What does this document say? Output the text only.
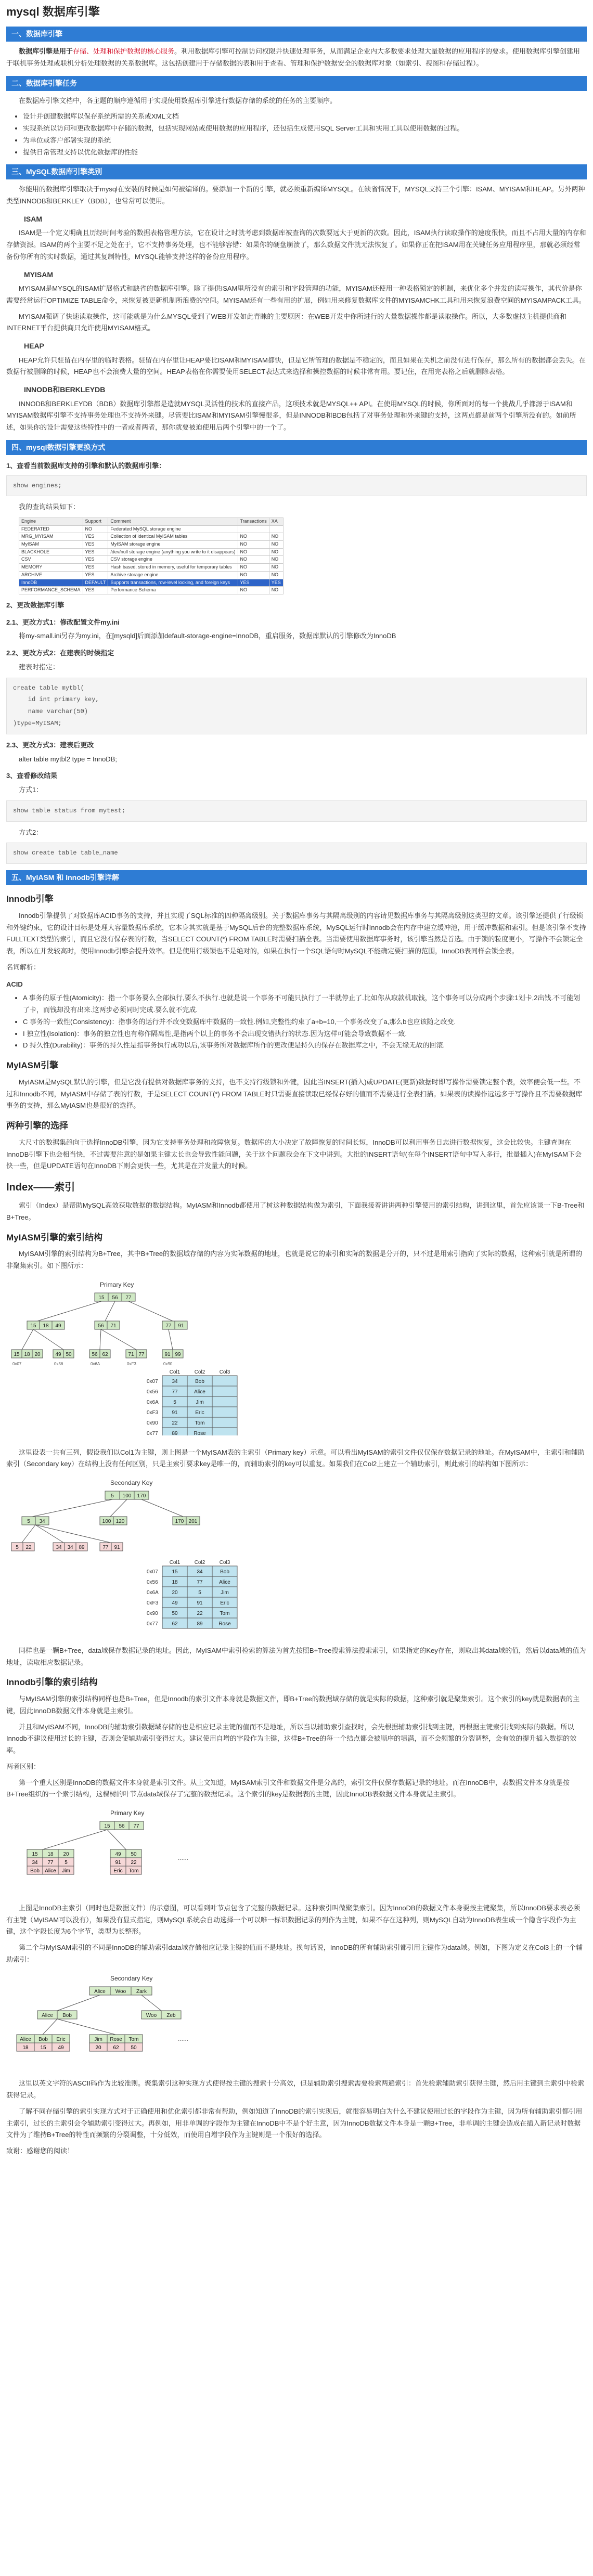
mysql 数据库引擎
一、数据库引擎

数据库引擎是用于存储、处理和保护数据的核心服务。利用数据库引擎可控制访问权限并快速处理事务，从而满足企业内大多数要求处理大量数据的应用程序的要求。使用数据库引擎创建用于联机事务处理或联机分析处理数据的关系数据库。这包括创建用于存储数据的表和用于查看、管理和保护数据安全的数据库对象（如索引、视图和存储过程）。

二、数据库引擎任务

在数据库引擎文档中，各主题的顺序遵循用于实现使用数据库引擎进行数据存储的系统的任务的主要顺序。

• 设计并创建数据库以保存系统所需的关系或XML文档
• 实现系统以访问和更改数据库中存储的数据，包括实现网站或使用数据的应用程序，还包括生成使用SQL Server工具和实用工具以使用数据的过程。
• 为单位或客户部署实现的系统
• 提供日常管理支持以优化数据库的性能
三、MySQL数据库引擎类别

你能用的数据库引擎取决于mysql在安装的时候是如何被编译的。要添加一个新的引擎，就必须重新编译MYSQL。在缺省情况下，MYSQL支持三个引擎：ISAM、MYISAM和HEAP。另外两种类型INNODB和BERKLEY（BDB），也常常可以使用。

ISAM

ISAM是一个定义明确且历经时间考验的数据表格管理方法，它在设计之时就考虑到数据库被查询的次数要远大于更新的次数。因此，ISAM执行读取操作的速度很快，而且不占用大量的内存和存储资源。ISAM的两个主要不足之处在于，它不支持事务处理，也不能够容错：如果你的硬盘崩溃了，那么数据文件就无法恢复了。如果你正在把ISAM用在关键任务应用程序里，那就必须经常备份你所有的实时数据，通过其复制特性，MYSQL能够支持这样的备份应用程序。

MYISAM

MYISAM是MYSQL的ISAM扩展格式和缺省的数据库引擎。除了提供ISAM里所没有的索引和字段管理的功能，MYISAM还使用一种表格锁定的机制，来优化多个并发的读写操作，其代价是你需要经常运行OPTIMIZE TABLE命令，来恢复被更新机制所浪费的空间。MYISAM还有一些有用的扩展，例如用来修复数据库文件的MYISAMCHK工具和用来恢复浪费空间的MYISAMPACK工具。

MYISAM强调了快速读取操作，这可能就是为什么MYSQL受到了WEB开发如此青睐的主要原因：在WEB开发中你所进行的大量数据操作都是读取操作。所以，大多数虚拟主机提供商和INTERNET平台提供商只允许使用MYISAM格式。

HEAP

HEAP允许只驻留在内存里的临时表格。驻留在内存里让HEAP要比ISAM和MYISAM都快，但是它所管理的数据是不稳定的，而且如果在关机之前没有进行保存，那么所有的数据都会丢失。在数据行被删除的时候，HEAP也不会浪费大量的空间。HEAP表格在你需要使用SELECT表达式来选择和操控数据的时候非常有用。要记住，在用完表格之后就删除表格。

INNODB和BERKLEYDB

INNODB和BERKLEYDB（BDB）数据库引擎都是造就MYSQL灵活性的技术的直接产品，这项技术就是MYSQL++ API。在使用MYSQL的时候，你所面对的每一个挑战几乎都源于ISAM和MYISAM数据库引擎不支持事务处理也不支持外来键。尽管要比ISAM和MYISAM引擎慢很多，但是INNODB和BDB包括了对事务处理和外来键的支持，这两点都是前两个引擎所没有的。如前所述，如果你的设计需要这些特性中的一者或者两者，那你就要被迫使用后两个引擎中的一个了。

四、mysql数据引擎更换方式
1、查看当前数据库支持的引擎和默认的数据库引擎：
show engines;

我的查询结果如下：

Engine	Support	Comment	Transactions	XA
FEDERATED	NO	Federated MySQL storage engine		
MRG_MYISAM	YES	Collection of identical MyISAM tables	NO	NO
MyISAM	YES	MyISAM storage engine	NO	NO
BLACKHOLE	YES	/dev/null storage engine (anything you write to it disappears)	NO	NO
CSV	YES	CSV storage engine	NO	NO
MEMORY	YES	Hash based, stored in memory, useful for temporary tables	NO	NO
ARCHIVE	YES	Archive storage engine	NO	NO
InnoDB	DEFAULT	Supports transactions, row-level locking, and foreign keys	YES	YES
PERFORMANCE_SCHEMA	YES	Performance Schema	NO	NO
2、更改数据库引擎
2.1、更改方式1：修改配置文件my.ini

将my-small.ini另存为my.ini，在[mysqld]后面添加default-storage-engine=InnoDB，重启服务，数据库默认的引擎修改为InnoDB

2.2、更改方式2：在建表的时候指定

建表时指定：

create table mytbl(
id int primary key,
name varchar(50)
)type=MyISAM;
2.3、更改方式3：建表后更改

alter table mytbl2 type = InnoDB;

3、查看修改结果

方式1：

show table status from mytest;

方式2：

show create table table_name
五、MyIASM 和 Innodb引擎详解
Innodb引擎

Innodb引擎提供了对数据库ACID事务的支持，并且实现了SQL标准的四种隔离级别。关于数据库事务与其隔离级别的内容请见数据库事务与其隔离级别这类型的文章。该引擎还提供了行级锁和外键约束，它的设计目标是处理大容量数据库系统，它本身其实就是基于MySQL后台的完整数据库系统，MySQL运行时Innodb会在内存中建立缓冲池，用于缓冲数据和索引。但是该引擎不支持FULLTEXT类型的索引，而且它没有保存表的行数，当SELECT COUNT(*) FROM TABLE时需要扫描全表。当需要使用数据库事务时，该引擎当然是首选。由于锁的粒度更小，写操作不会锁定全表，所以在并发较高时，使用Innodb引擎会提升效率。但是使用行级锁也不是绝对的，如果在执行一个SQL语句时MySQL不能确定要扫描的范围，InnoDB表同样会锁全表。

名词解析：

ACID
• A 事务的原子性(Atomicity)：指一个事务要么全部执行,要么不执行.也就是说一个事务不可能只执行了一半就停止了.比如你从取款机取钱，这个事务可以分成两个步骤:1划卡,2出钱.不可能划了卡，而钱却没有出来.这两步必须同时完成.要么就不完成.
• C 事务的一致性(Consistency)：指事务的运行并不改变数据库中数据的一致性.例如,完整性约束了a+b=10,一个事务改变了a,那么b也应该随之改变.
• I 独立性(Isolation)：事务的独立性也有称作隔离性,是指两个以上的事务不会出现交错执行的状态.因为这样可能会导致数据不一致.
• D 持久性(Durability)：事务的持久性是指事务执行成功以后,该事务所对数据库所作的更改便是持久的保存在数据库之中，不会无缘无故的回滚.
MyIASM引擎

MyIASM是MySQL默认的引擎，但是它没有提供对数据库事务的支持，也不支持行级锁和外键，因此当INSERT(插入)或UPDATE(更新)数据时即写操作需要锁定整个表，效率便会低一些。不过和Innodb不同，MyIASM中存储了表的行数，于是SELECT COUNT(*) FROM TABLE时只需要直接读取已经保存好的值而不需要进行全表扫描。如果表的读操作远远多于写操作且不需要数据库事务的支持，那么MyIASM也是很好的选择。

两种引擎的选择

大尺寸的数据集趋向于选择InnoDB引擎，因为它支持事务处理和故障恢复。数据库的大小决定了故障恢复的时间长短，InnoDB可以利用事务日志进行数据恢复，这会比较快。主键查询在InnoDB引擎下也会相当快，不过需要注意的是如果主键太长也会导致性能问题，关于这个问题我会在下文中讲到。大批的INSERT语句(在每个INSERT语句中写入多行，批量插入)在MyISAM下会快一些，但是UPDATE语句在InnoDB下则会更快一些，尤其是在并发量大的时候。

Index——索引

索引（Index）是帮助MySQL高效获取数据的数据结构。MyIASM和Innodb都使用了树这种数据结构做为索引，下面我接着讲讲两种引擎使用的索引结构，讲到这里，首先应该谈一下B-Tree和B+Tree。

MyIASM引擎的索引结构

MyISAM引擎的索引结构为B+Tree，其中B+Tree的数据域存储的内容为实际数据的地址，也就是说它的索引和实际的数据是分开的，只不过是用索引指向了实际的数据，这种索引就是所谓的非聚集索引。如下图所示：

Primary Key
15 56 77
15 18 49	56 71	77 91
15 18 20
0x07
49 50
0x56
56 62
0x6A
71 77
0xF3
91 99
0x90
Col1	Col2	Col3
0x07	34	Bob
0x56	77	Alice
0x6A	5	Jim
0xF3	91	Eric
0x90	22	Tom
0x77	89	Rose

这里设表一共有三列，假设我们以Col1为主键，则上图是一个MyISAM表的主索引（Primary key）示意。可以看出MyISAM的索引文件仅仅保存数据记录的地址。在MyISAM中，主索引和辅助索引（Secondary key）在结构上没有任何区别，只是主索引要求key是唯一的，而辅助索引的key可以重复。如果我们在Col2上建立一个辅助索引，则此索引的结构如下图所示：

Secondary Key
5 100 170
5 34	100 120	170 201
5 22	34 34 89	77 91
Col1	Col2	Col3
0x07	15	34	Bob
0x56	18	77	Alice
0x6A	20	5	Jim
0xF3	49	91	Eric
0x90	50	22	Tom
0x77	62	89	Rose

同样也是一颗B+Tree，data域保存数据记录的地址。因此，MyISAM中索引检索的算法为首先按照B+Tree搜索算法搜索索引，如果指定的Key存在，则取出其data域的值，然后以data域的值为地址，读取相应数据记录。

Innodb引擎的索引结构

与MyISAM引擎的索引结构同样也是B+Tree，但是Innodb的索引文件本身就是数据文件，即B+Tree的数据域存储的就是实际的数据，这种索引就是聚集索引。这个索引的key就是数据表的主键，因此InnoDB数据文件本身就是主索引。

并且和MyISAM不同，InnoDB的辅助索引数据域存储的也是相应记录主键的值而不是地址，所以当以辅助索引查找时，会先根据辅助索引找到主键，再根据主键索引找到实际的数据。所以Innodb不建议使用过长的主键，否则会使辅助索引变得过大。建议使用自增的字段作为主键，这样B+Tree的每一个结点都会被顺序的填满，而不会频繁的分裂调整，会有效的提升插入数据的效率。

两者区别：

第一个重大区别是InnoDB的数据文件本身就是索引文件。从上文知道，MyISAM索引文件和数据文件是分离的，索引文件仅保存数据记录的地址。而在InnoDB中，表数据文件本身就是按B+Tree组织的一个索引结构，这棵树的叶节点data域保存了完整的数据记录。这个索引的key是数据表的主键，因此InnoDB表数据文件本身就是主索引。

Primary Key
15 56 77
15 18 20
34
Bob
77
Alice
5
Jim
49 50
91
Eric
22
Tom
......

上图是InnoDB主索引（同时也是数据文件）的示意图，可以看到叶节点包含了完整的数据记录。这种索引叫做聚集索引。因为InnoDB的数据文件本身要按主键聚集，所以InnoDB要求表必须有主键（MyISAM可以没有），如果没有显式指定，则MySQL系统会自动选择一个可以唯一标识数据记录的列作为主键，如果不存在这种列，则MySQL自动为InnoDB表生成一个隐含字段作为主键，这个字段长度为6个字节，类型为长整形。

第二个与MyISAM索引的不同是InnoDB的辅助索引data域存储相应记录主键的值而不是地址。换句话说，InnoDB的所有辅助索引都引用主键作为data域。例如，下图为定义在Col3上的一个辅助索引：

Secondary Key
Alice Woo Zark
Alice Bob	Woo Zeb
Alice Bob Eric
18 15 49
Jim Rose Tom
20 62 50
......

这里以英文字符的ASCII码作为比较准则。聚集索引这种实现方式使得按主键的搜索十分高效，但是辅助索引搜索需要检索两遍索引：首先检索辅助索引获得主键，然后用主键到主索引中检索获得记录。

了解不同存储引擎的索引实现方式对于正确使用和优化索引都非常有帮助，例如知道了InnoDB的索引实现后，就很容易明白为什么不建议使用过长的字段作为主键，因为所有辅助索引都引用主索引，过长的主索引会令辅助索引变得过大。再例如，用非单调的字段作为主键在InnoDB中不是个好主意，因为InnoDB数据文件本身是一颗B+Tree，非单调的主键会造成在插入新记录时数据文件为了维持B+Tree的特性而频繁的分裂调整，十分低效，而使用自增字段作为主键则是一个很好的选择。

致谢：感谢您的阅读！
